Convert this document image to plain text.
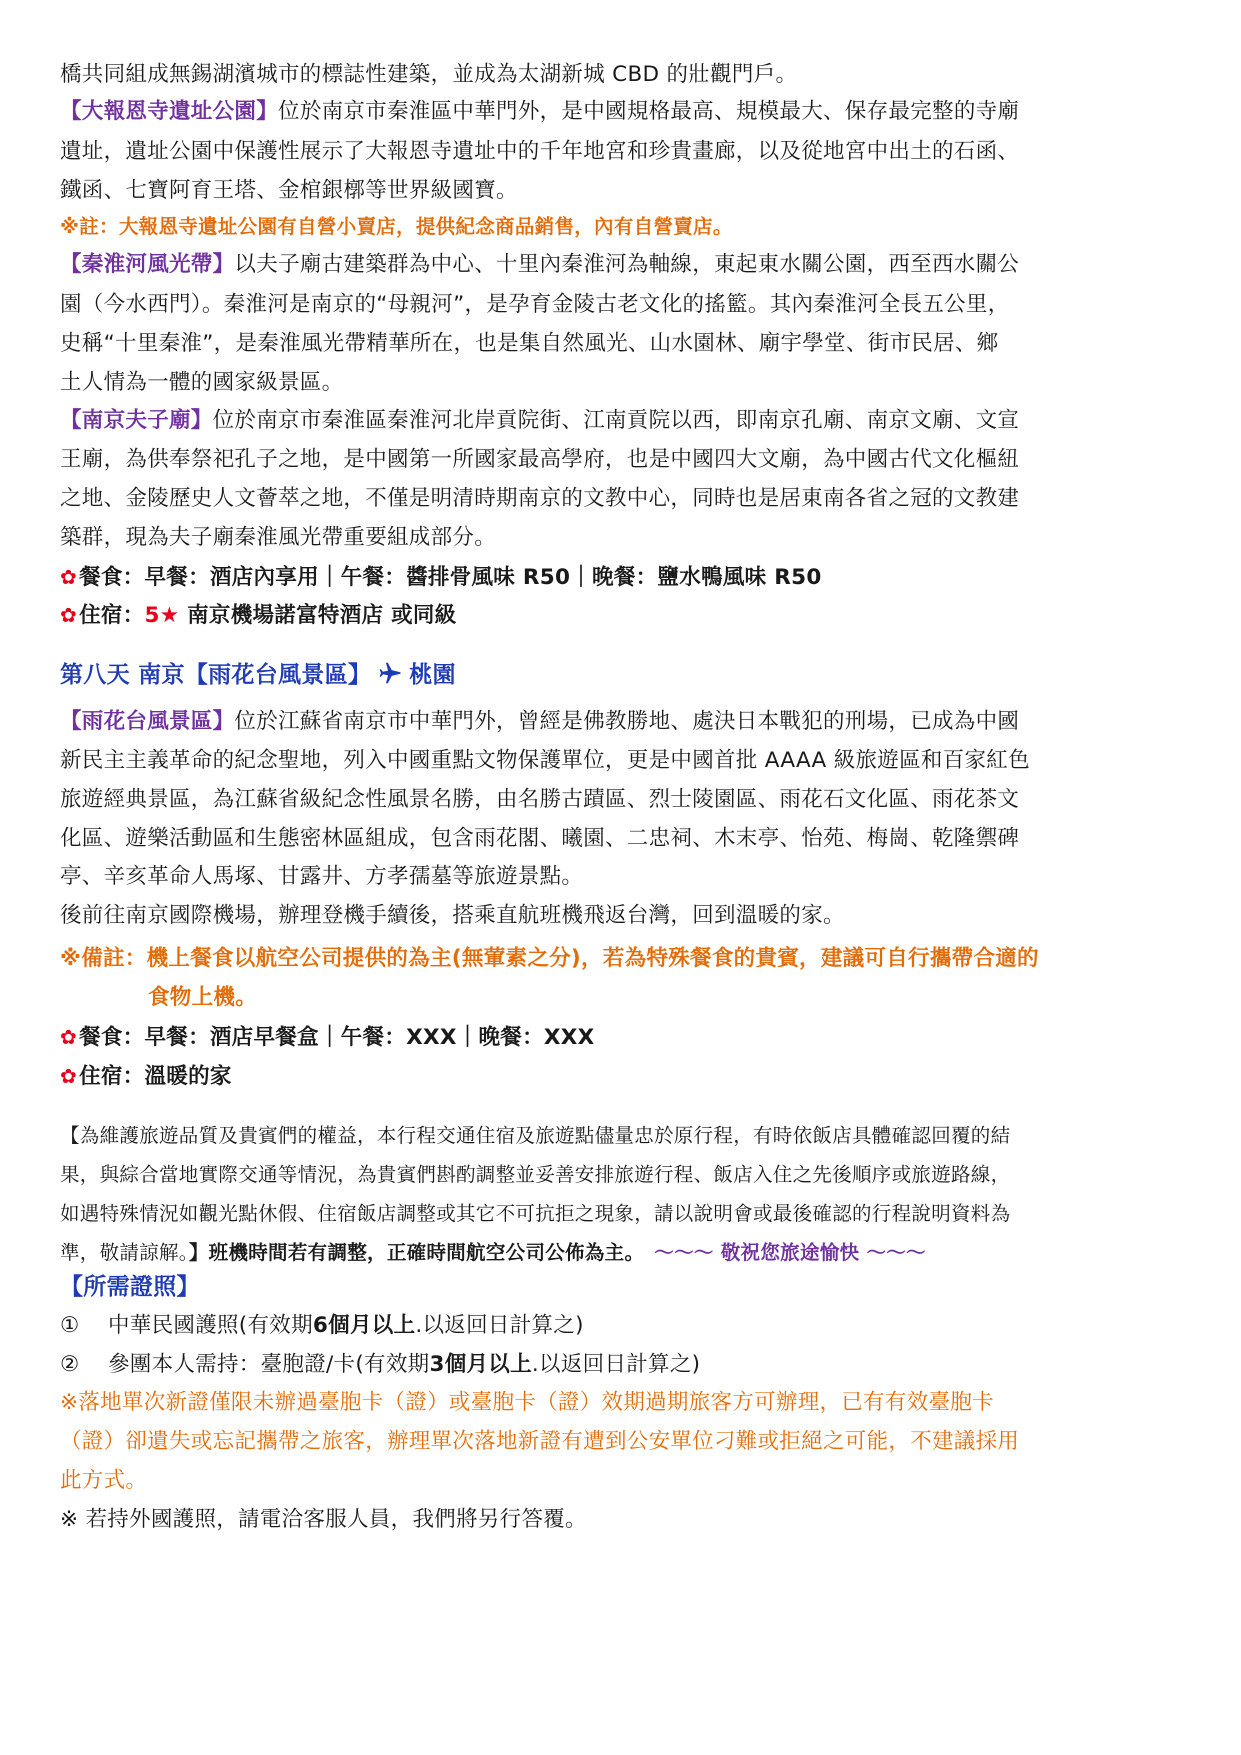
橋共同組成無錫湖濱城市的標誌性建築，並成為太湖新城 CBD 的壯觀門戶。

【大報恩寺遺址公園】位於南京市秦淮區中華門外，是中國規格最高、規模最大、保存最完整的寺廟

遺址，遺址公園中保護性展示了大報恩寺遺址中的千年地宮和珍貴畫廊，以及從地宮中出土的石函、

鐵函、七寶阿育王塔、金棺銀槨等世界級國寶。

※註：大報恩寺遺址公園有自營小賣店，提供紀念商品銷售，內有自營賣店。

【秦淮河風光帶】以夫子廟古建築群為中心、十里內秦淮河為軸線，東起東水關公園，西至西水關公

園（今水西門）。秦淮河是南京的“母親河”，是孕育金陵古老文化的搖籃。其內秦淮河全長五公里，

史稱“十里秦淮”，是秦淮風光帶精華所在，也是集自然風光、山水園林、廟宇學堂、街市民居、鄉

土人情為一體的國家級景區。

【南京夫子廟】位於南京市秦淮區秦淮河北岸貢院街、江南貢院以西，即南京孔廟、南京文廟、文宣

王廟，為供奉祭祀孔子之地，是中國第一所國家最高學府，也是中國四大文廟，為中國古代文化樞紐

之地、金陵歷史人文薈萃之地，不僅是明清時期南京的文教中心，同時也是居東南各省之冠的文教建

築群，現為夫子廟秦淮風光帶重要組成部分。

✿餐食：早餐：酒店內享用｜午餐：醬排骨風味 R50｜晚餐：鹽水鴨風味 R50

✿住宿：5★ 南京機場諾富特酒店 或同級

第八天 南京【雨花台風景區】 桃園

【雨花台風景區】位於江蘇省南京市中華門外，曾經是佛教勝地、處決日本戰犯的刑場，已成為中國

新民主主義革命的紀念聖地，列入中國重點文物保護單位，更是中國首批 AAAA 級旅遊區和百家紅色

旅遊經典景區，為江蘇省級紀念性風景名勝，由名勝古蹟區、烈士陵園區、雨花石文化區、雨花茶文

化區、遊樂活動區和生態密林區組成，包含雨花閣、曦園、二忠祠、木末亭、怡苑、梅崗、乾隆禦碑

亭、辛亥革命人馬塚、甘露井、方孝孺墓等旅遊景點。

後前往南京國際機場，辦理登機手續後，搭乘直航班機飛返台灣，回到溫暖的家。

※備註：機上餐食以航空公司提供的為主(無葷素之分)，若為特殊餐食的貴賓，建議可自行攜帶合適的

食物上機。

✿餐食：早餐：酒店早餐盒｜午餐：XXX｜晚餐：XXX

✿住宿：溫暖的家

【為維護旅遊品質及貴賓們的權益，本行程交通住宿及旅遊點儘量忠於原行程，有時依飯店具體確認回覆的結

果，與綜合當地實際交通等情況，為貴賓們斟酌調整並妥善安排旅遊行程、飯店入住之先後順序或旅遊路線，

如遇特殊情況如觀光點休假、住宿飯店調整或其它不可抗拒之現象，請以說明會或最後確認的行程說明資料為

準，敬請諒解。】班機時間若有調整，正確時間航空公司公佈為主。 ～～～ 敬祝您旅途愉快 ～～～

【所需證照】

① 中華民國護照(有效期6個月以上.以返回日計算之)

② 參團本人需持：臺胞證/卡(有效期3個月以上.以返回日計算之)

※落地單次新證僅限未辦過臺胞卡（證）或臺胞卡（證）效期過期旅客方可辦理，已有有效臺胞卡

（證）卻遺失或忘記攜帶之旅客，辦理單次落地新證有遭到公安單位刁難或拒絕之可能，不建議採用

此方式。

※ 若持外國護照，請電洽客服人員，我們將另行答覆。
